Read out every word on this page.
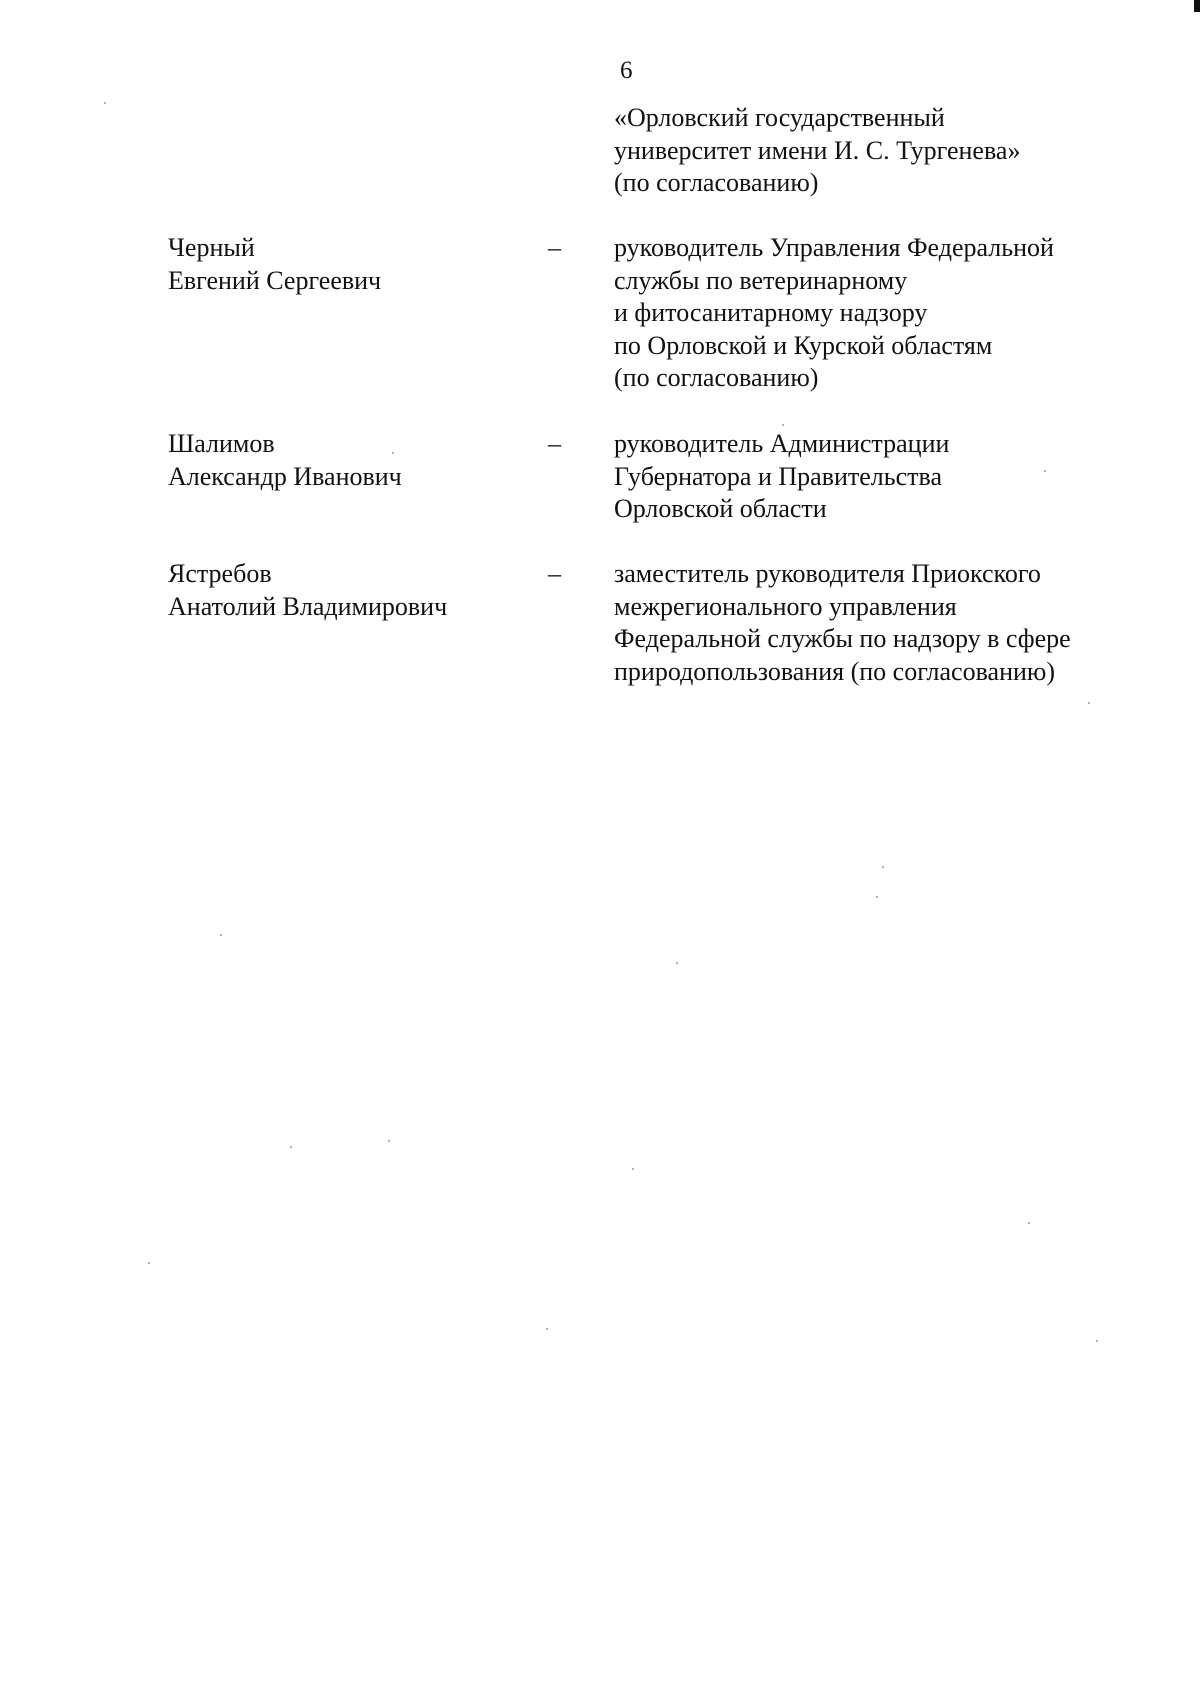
6
«Орловский государственный
университет имени И. С. Тургенева»
(по согласованию)
Черный
Евгений Сергеевич
– руководитель Управления Федеральной
службы по ветеринарному
и фитосанитарному надзору
по Орловской и Курской областям
(по согласованию)
Шалимов
Александр Иванович
– руководитель Администрации
Губернатора и Правительства
Орловской области
Ястребов
Анатолий Владимирович
– заместитель руководителя Приокского
межрегионального управления
Федеральной службы по надзору в сфере
природопользования (по согласованию)
